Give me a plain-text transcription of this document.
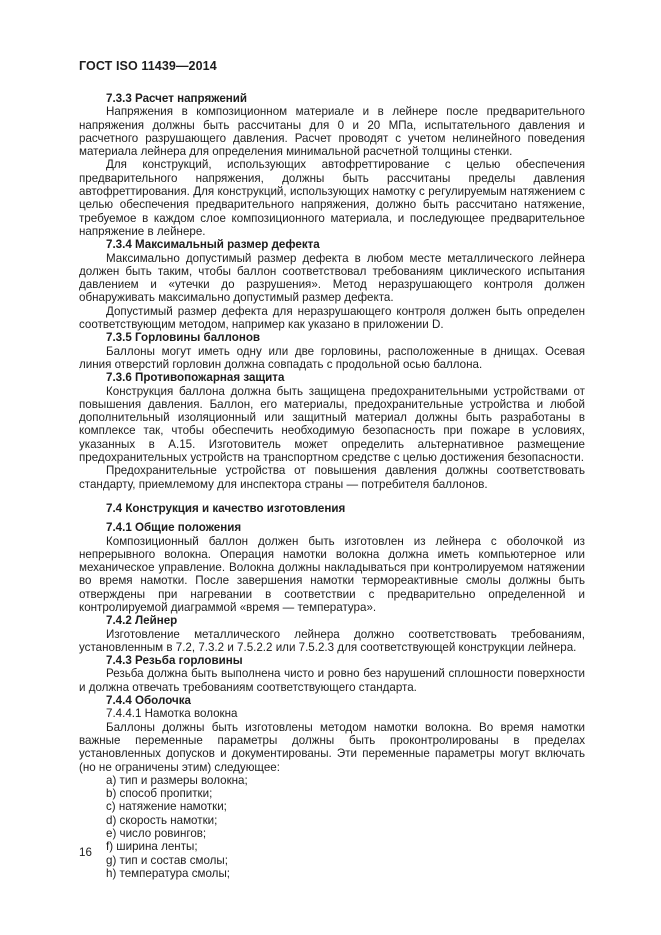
ГОСТ ISO 11439—2014
7.3.3 Расчет напряжений
Напряжения в композиционном материале и в лейнере после предварительного напряжения должны быть рассчитаны для 0 и 20 МПа, испытательного давления и расчетного разрушающего давления. Расчет проводят с учетом нелинейного поведения материала лейнера для определения минимальной расчетной толщины стенки.
Для конструкций, использующих автофреттирование с целью обеспечения предварительного напряжения, должны быть рассчитаны пределы давления автофреттирования. Для конструкций, использующих намотку с регулируемым натяжением с целью обеспечения предварительного напряжения, должно быть рассчитано натяжение, требуемое в каждом слое композиционного материала, и последующее предварительное напряжение в лейнере.
7.3.4 Максимальный размер дефекта
Максимально допустимый размер дефекта в любом месте металлического лейнера должен быть таким, чтобы баллон соответствовал требованиям циклического испытания давлением и «утечки до разрушения». Метод неразрушающего контроля должен обнаруживать максимально допустимый размер дефекта.
Допустимый размер дефекта для неразрушающего контроля должен быть определен соответствующим методом, например как указано в приложении D.
7.3.5 Горловины баллонов
Баллоны могут иметь одну или две горловины, расположенные в днищах. Осевая линия отверстий горловин должна совпадать с продольной осью баллона.
7.3.6 Противопожарная защита
Конструкция баллона должна быть защищена предохранительными устройствами от повышения давления. Баллон, его материалы, предохранительные устройства и любой дополнительный изоляционный или защитный материал должны быть разработаны в комплексе так, чтобы обеспечить необходимую безопасность при пожаре в условиях, указанных в А.15. Изготовитель может определить альтернативное размещение предохранительных устройств на транспортном средстве с целью достижения безопасности.
Предохранительные устройства от повышения давления должны соответствовать стандарту, приемлемому для инспектора страны — потребителя баллонов.
7.4 Конструкция и качество изготовления
7.4.1 Общие положения
Композиционный баллон должен быть изготовлен из лейнера с оболочкой из непрерывного волокна. Операция намотки волокна должна иметь компьютерное или механическое управление. Волокна должны накладываться при контролируемом натяжении во время намотки. После завершения намотки термореактивные смолы должны быть отверждены при нагревании в соответствии с предварительно определенной и контролируемой диаграммой «время — температура».
7.4.2 Лейнер
Изготовление металлического лейнера должно соответствовать требованиям, установленным в 7.2, 7.3.2 и 7.5.2.2 или 7.5.2.3 для соответствующей конструкции лейнера.
7.4.3 Резьба горловины
Резьба должна быть выполнена чисто и ровно без нарушений сплошности поверхности и должна отвечать требованиям соответствующего стандарта.
7.4.4 Оболочка
7.4.4.1 Намотка волокна
Баллоны должны быть изготовлены методом намотки волокна. Во время намотки важные переменные параметры должны быть проконтролированы в пределах установленных допусков и документированы. Эти переменные параметры могут включать (но не ограничены этим) следующее:
a) тип и размеры волокна;
b) способ пропитки;
c) натяжение намотки;
d) скорость намотки;
e) число ровингов;
f) ширина ленты;
g) тип и состав смолы;
h) температура смолы;
16
